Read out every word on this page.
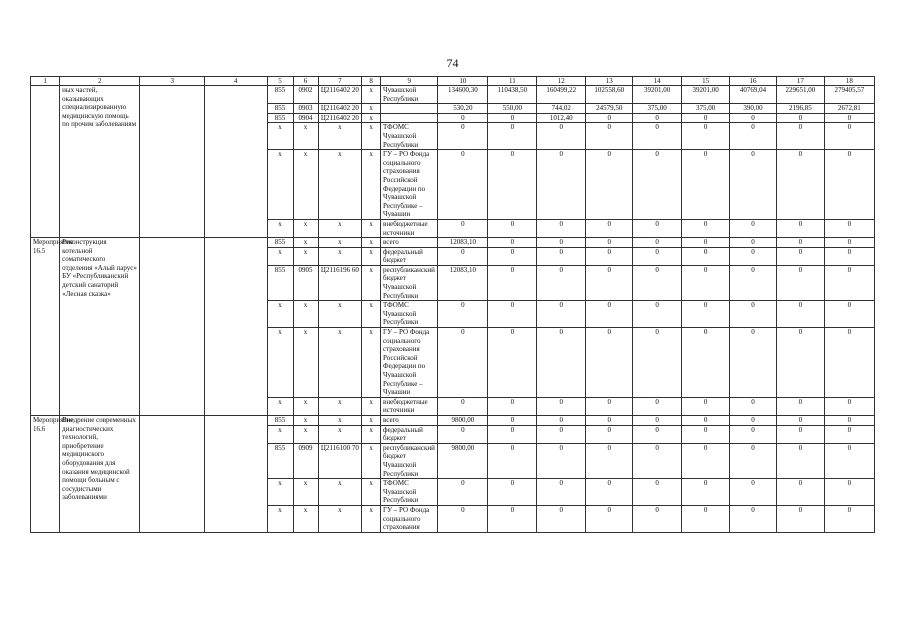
74
1	2	3	4	5	6	7	8	9	10	11	12	13	14	15	16	17	18
	ных частей, оказывающих специализированную медицинскую помощь по прочим заболеваниям			855	0902	Ц2116402 20	х	Чувашской Республики	134600,30	110438,50	160499,22	102558,60	39201,00	39201,00	40769,04	229651,00	279405,57
				855	0903	Ц2116402 20	х		530,20	550,00	744,02	24579,50	375,00	375,00	390,00	2196,85	2672,81
				855	0904	Ц2116402 20	х		0	0	1012,40	0	0	0	0	0	0
				х	х	х	х	ТФОМС Чувашской Республики	0	0	0	0	0	0	0	0	0
				х	х	х	х	ГУ – РО Фонда социального страхования Российской Федерации по Чувашской Республике – Чувашии	0	0	0	0	0	0	0	0	0
				х	х	х	х	внебюджетные источники	0	0	0	0	0	0	0	0	0
Мероприятие 16.5	Реконструкция котельной соматического отделения «Алый парус» БУ «Республиканский детский санаторий «Лесная сказка»			855	х	х	х	всего	12083,10	0	0	0	0	0	0	0	0
				х	х	х	х	федеральный бюджет	0	0	0	0	0	0	0	0	0
				855	0905	Ц2116196 60	х	республиканский бюджет Чувашской Республики	12083,10	0	0	0	0	0	0	0	0
				х	х	х	х	ТФОМС Чувашской Республики	0	0	0	0	0	0	0	0	0
				х	х	х	х	ГУ – РО Фонда социального страхования Российской Федерации по Чувашской Республике – Чувашии	0	0	0	0	0	0	0	0	0
				х	х	х	х	внебюджетные источники	0	0	0	0	0	0	0	0	0
Мероприятие 16.6	Внедрение современных диагностических технологий, приобретение медицинского оборудования для оказания медицинской помощи больным с сосудистыми заболеваниями			855	х	х	х	всего	9800,00	0	0	0	0	0	0	0	0
				х	х	х	х	федеральный бюджет	0	0	0	0	0	0	0	0	0
				855	0909	Ц2116100 70	х	республиканский бюджет Чувашской Республики	9800,00	0	0	0	0	0	0	0	0
				х	х	х	х	ТФОМС Чувашской Республики	0	0	0	0	0	0	0	0	0
				х	х	х	х	ГУ – РО Фонда социального страхования	0	0	0	0	0	0	0	0	0
